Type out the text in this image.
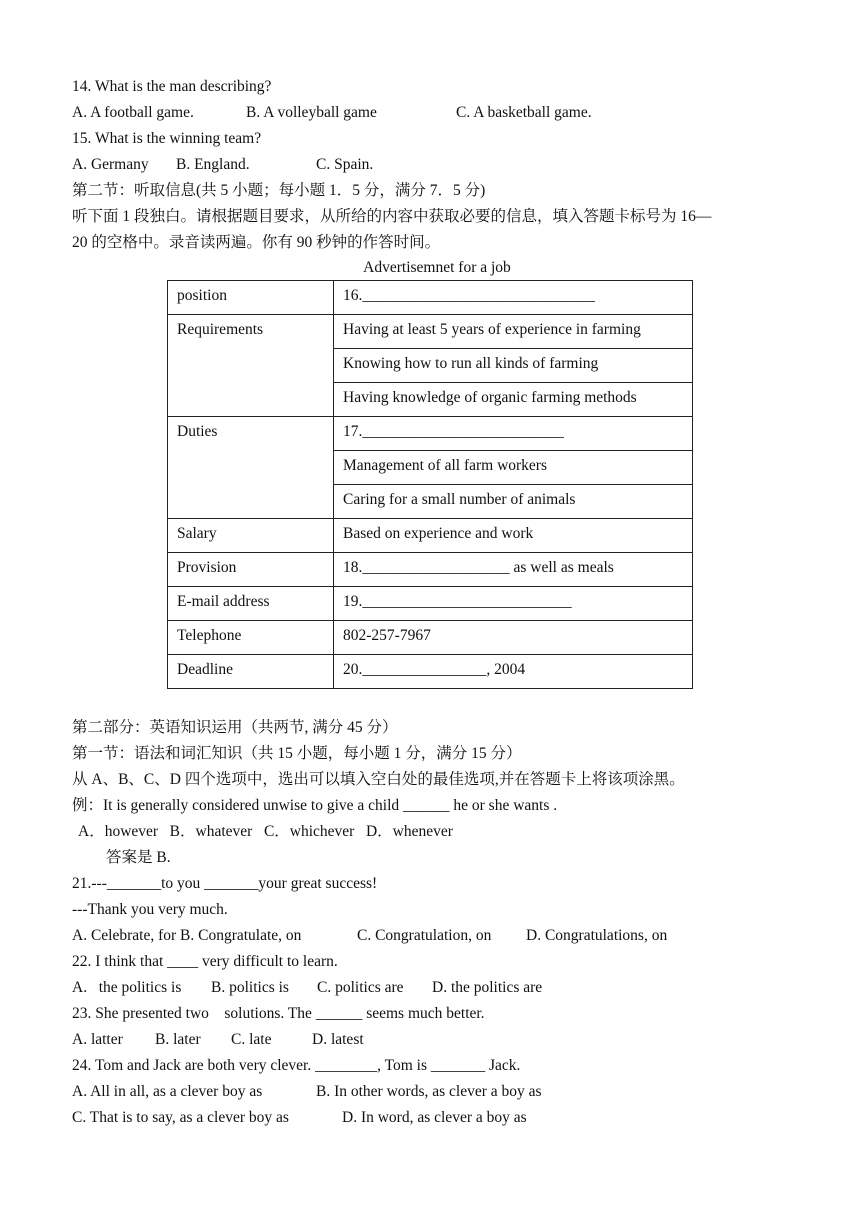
14. What is the man describing?
A. A football game.	B. A volleyball game	C. A basketball game.
15. What is the winning team?
A. Germany B. England.	C. Spain.
第二节：听取信息(共 5 小题；每小题 1．5 分，满分 7．5 分)
听下面 1 段独白。请根据题目要求，从所给的内容中获取必要的信息，填入答题卡标号为 16—
20 的空格中。录音读两遍。你有 90 秒钟的作答时间。
Advertisemnet for a job
position	16.______________________________
Requirements	Having at least 5 years of experience in farming
	Knowing how to run all kinds of farming
	Having knowledge of organic farming methods
Duties	17.__________________________
	Management of all farm workers
	Caring for a small number of animals
Salary	Based on experience and work
Provision	18.___________________ as well as meals
E-mail address	19.___________________________
Telephone	802-257-7967
Deadline	20.________________, 2004
第二部分：英语知识运用（共两节, 满分 45 分）
第一节：语法和词汇知识（共 15 小题，每小题 1 分，满分 15 分）
从 A、B、C、D 四个选项中，选出可以填入空白处的最佳选项,并在答题卡上将该项涂黑。
例：It is generally considered unwise to give a child ______ he or she wants .
A．however   B．whatever   C．whichever   D．whenever
答案是 B.
21.---_______to you _______your great success!
---Thank you very much.
A. Celebrate, for B. Congratulate, on	C. Congratulation, on D. Congratulations, on
22. I think that ____ very difficult to learn.
A.   the politics is B. politics is C. politics are D. the politics are
23. She presented two    solutions. The ______ seems much better.
A. latter B. later C. late	D. latest
24. Tom and Jack are both very clever. ________, Tom is _______ Jack.
A. All in all, as a clever boy as	B. In other words, as clever a boy as
C. That is to say, as a clever boy as	D. In word, as clever a boy as
